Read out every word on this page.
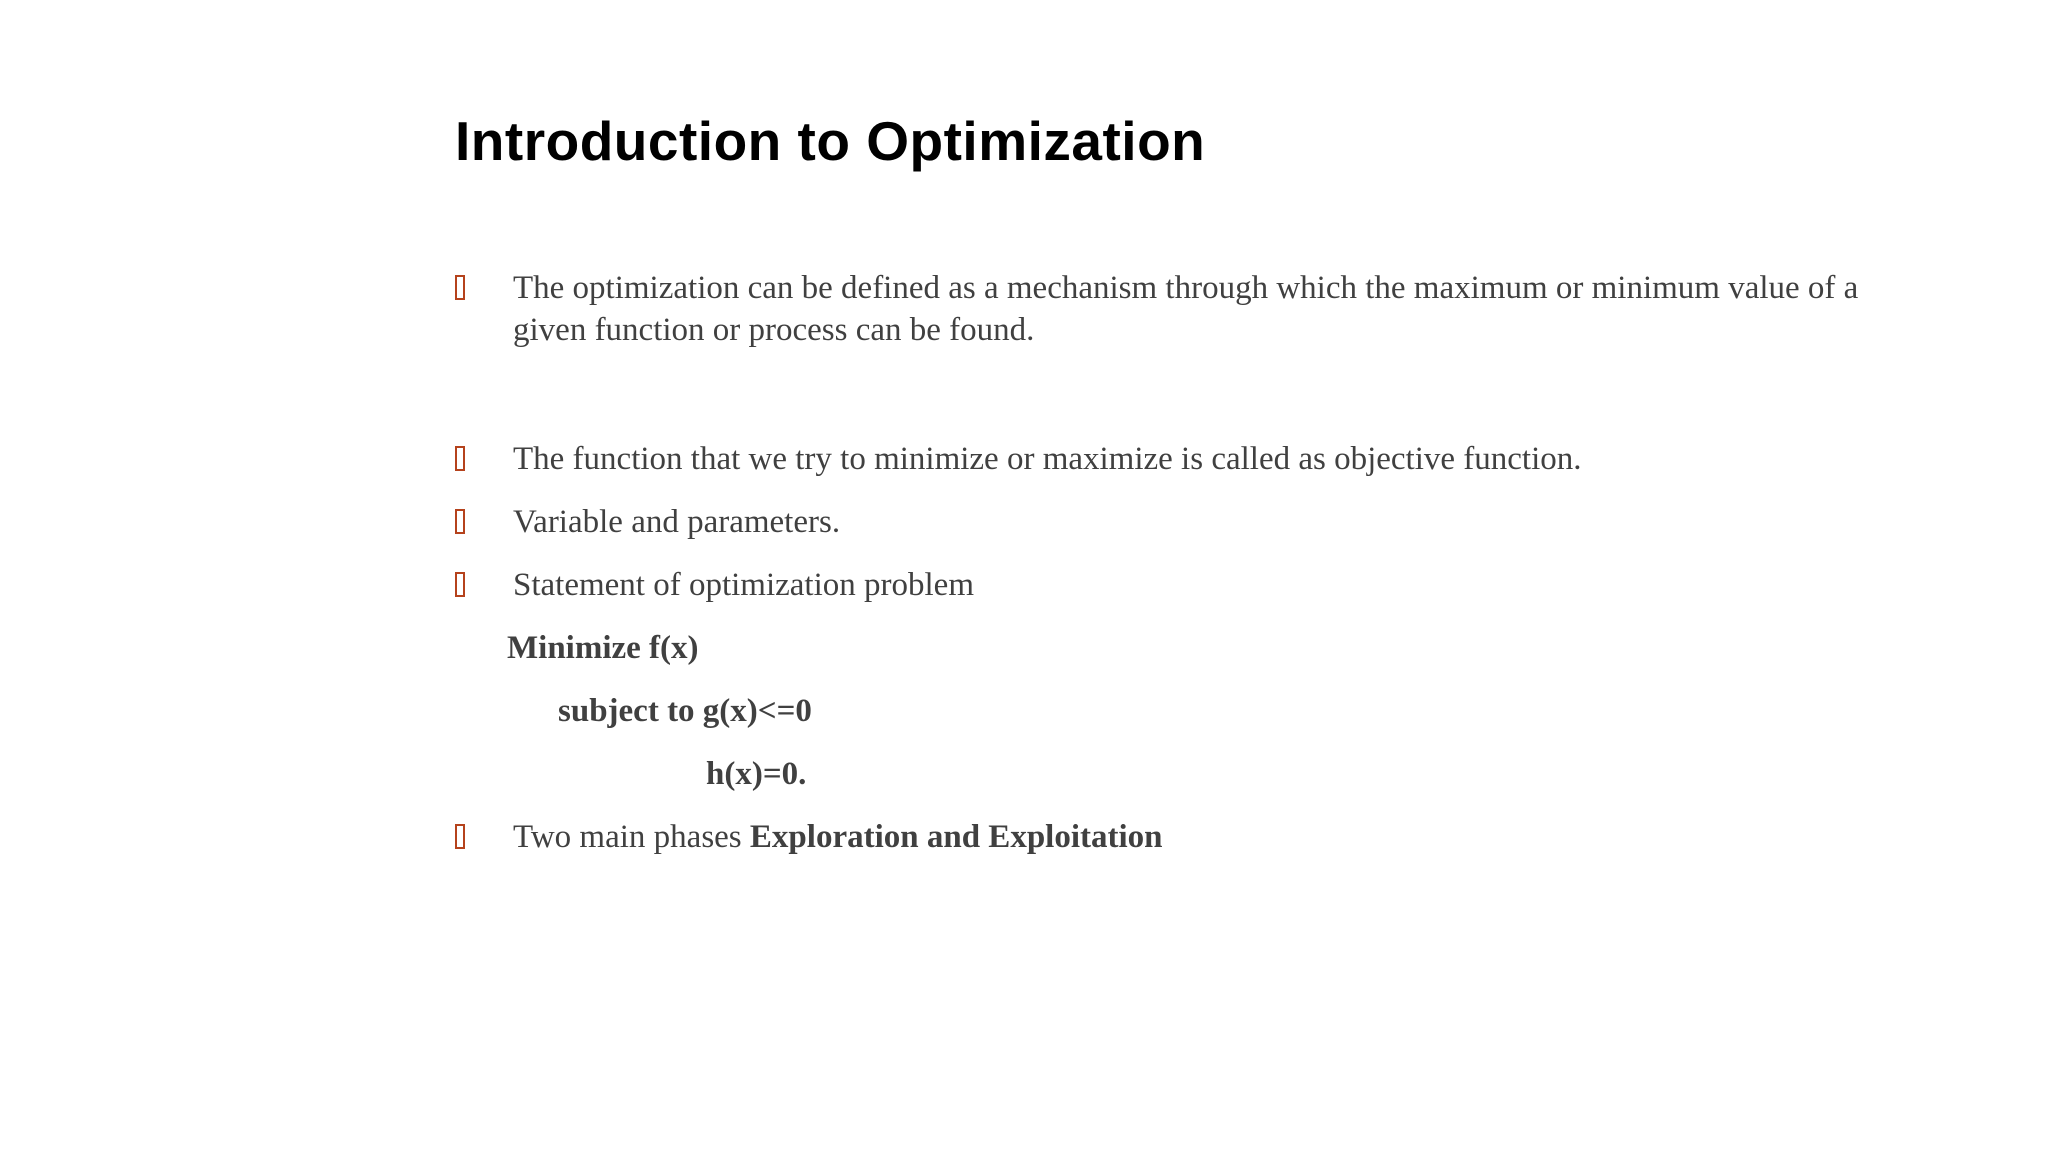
Introduction to Optimization
The optimization can be defined as a mechanism through which the maximum or minimum value of a given function or process can be found.
The function that we try to minimize or maximize is called as objective function.
Variable and parameters.
Statement of optimization problem
Minimize f(x)
subject to g(x)<=0
h(x)=0.
Two main phases Exploration and Exploitation
